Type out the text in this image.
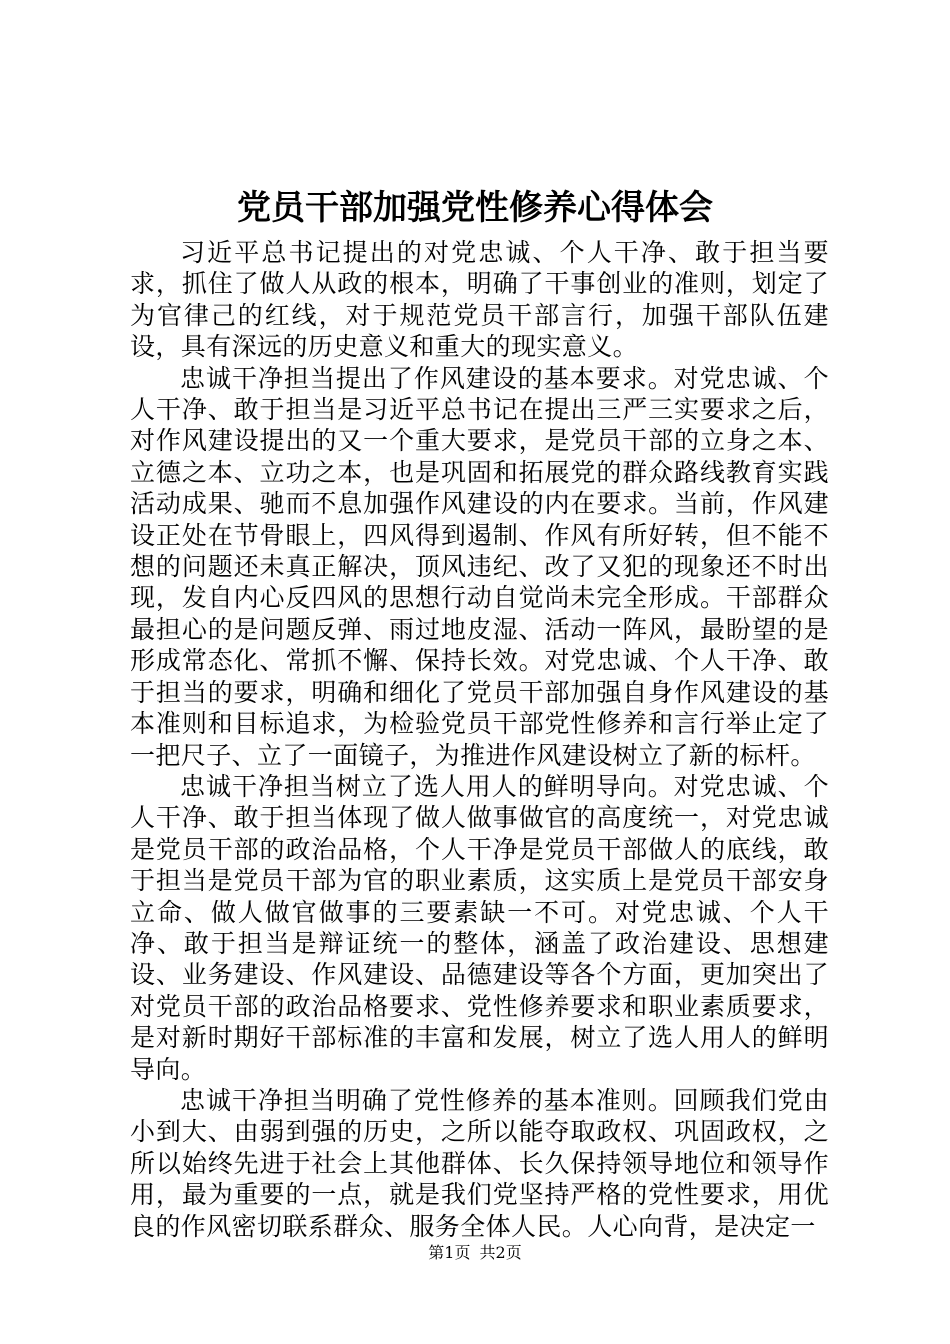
党员干部加强党性修养心得体会

习近平总书记提出的对党忠诚、个人干净、敢于担当要求，抓住了做人从政的根本，明确了干事创业的准则，划定了为官律己的红线，对于规范党员干部言行，加强干部队伍建设，具有深远的历史意义和重大的现实意义。

忠诚干净担当提出了作风建设的基本要求。对党忠诚、个人干净、敢于担当是习近平总书记在提出三严三实要求之后，对作风建设提出的又一个重大要求，是党员干部的立身之本、立德之本、立功之本，也是巩固和拓展党的群众路线教育实践活动成果、驰而不息加强作风建设的内在要求。当前，作风建设正处在节骨眼上，四风得到遏制、作风有所好转，但不能不想的问题还未真正解决，顶风违纪、改了又犯的现象还不时出现，发自内心反四风的思想行动自觉尚未完全形成。干部群众最担心的是问题反弹、雨过地皮湿、活动一阵风，最盼望的是形成常态化、常抓不懈、保持长效。对党忠诚、个人干净、敢于担当的要求，明确和细化了党员干部加强自身作风建设的基本准则和目标追求，为检验党员干部党性修养和言行举止定了一把尺子、立了一面镜子，为推进作风建设树立了新的标杆。

忠诚干净担当树立了选人用人的鲜明导向。对党忠诚、个人干净、敢于担当体现了做人做事做官的高度统一，对党忠诚是党员干部的政治品格，个人干净是党员干部做人的底线，敢于担当是党员干部为官的职业素质，这实质上是党员干部安身立命、做人做官做事的三要素缺一不可。对党忠诚、个人干净、敢于担当是辩证统一的整体，涵盖了政治建设、思想建设、业务建设、作风建设、品德建设等各个方面，更加突出了对党员干部的政治品格要求、党性修养要求和职业素质要求，是对新时期好干部标准的丰富和发展，树立了选人用人的鲜明导向。

忠诚干净担当明确了党性修养的基本准则。回顾我们党由小到大、由弱到强的历史，之所以能夺取政权、巩固政权，之所以始终先进于社会上其他群体、长久保持领导地位和领导作用，最为重要的一点，就是我们党坚持严格的党性要求，用优良的作风密切联系群众、服务全体人民。人心向背，是决定一

第1页 共2页
